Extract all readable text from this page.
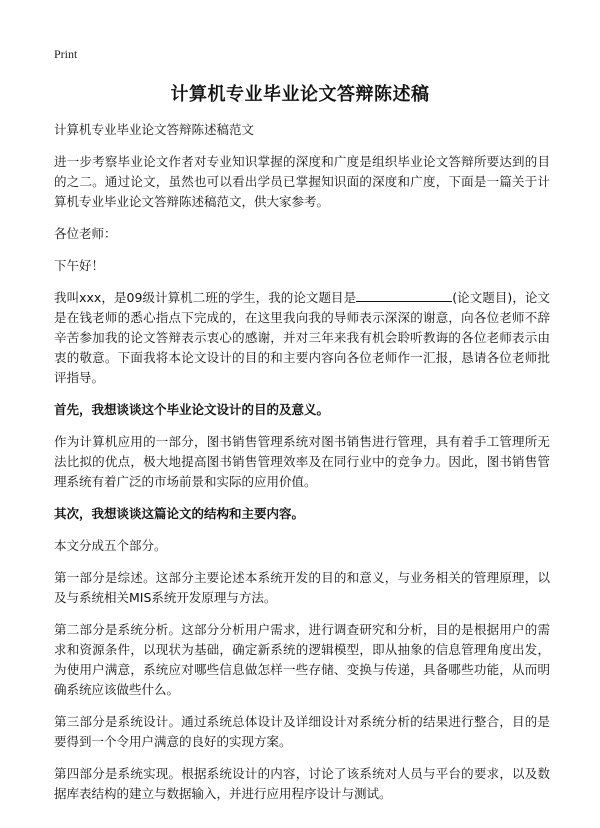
Print
计算机专业毕业论文答辩陈述稿

计算机专业毕业论文答辩陈述稿范文

进一步考察毕业论文作者对专业知识掌握的深度和广度是组织毕业论文答辩所要达到的目的之二。通过论文，虽然也可以看出学员已掌握知识面的深度和广度，下面是一篇关于计算机专业毕业论文答辩陈述稿范文，供大家参考。

各位老师：

下午好！

我叫xxx，是09级计算机二班的学生，我的论文题目是	(论文题目)，论文是在钱老师的悉心指点下完成的，在这里我向我的导师表示深深的谢意，向各位老师不辞辛苦参加我的论文答辩表示衷心的感谢，并对三年来我有机会聆听教诲的各位老师表示由衷的敬意。下面我将本论文设计的目的和主要内容向各位老师作一汇报，恳请各位老师批评指导。

首先，我想谈谈这个毕业论文设计的目的及意义。

作为计算机应用的一部分，图书销售管理系统对图书销售进行管理，具有着手工管理所无法比拟的优点，极大地提高图书销售管理效率及在同行业中的竞争力。因此，图书销售管理系统有着广泛的市场前景和实际的应用价值。

其次，我想谈谈这篇论文的结构和主要内容。

本文分成五个部分。

第一部分是综述。这部分主要论述本系统开发的目的和意义，与业务相关的管理原理，以及与系统相关MIS系统开发原理与方法。

第二部分是系统分析。这部分分析用户需求，进行调查研究和分析，目的是根据用户的需求和资源条件，以现状为基础，确定新系统的逻辑模型，即从抽象的信息管理角度出发，为使用户满意，系统应对哪些信息做怎样一些存储、变换与传递，具备哪些功能，从而明确系统应该做些什么。

第三部分是系统设计。通过系统总体设计及详细设计对系统分析的结果进行整合，目的是要得到一个令用户满意的良好的实现方案。

第四部分是系统实现。根据系统设计的内容，讨论了该系统对人员与平台的要求，以及数据库表结构的建立与数据输入，并进行应用程序设计与测试。
